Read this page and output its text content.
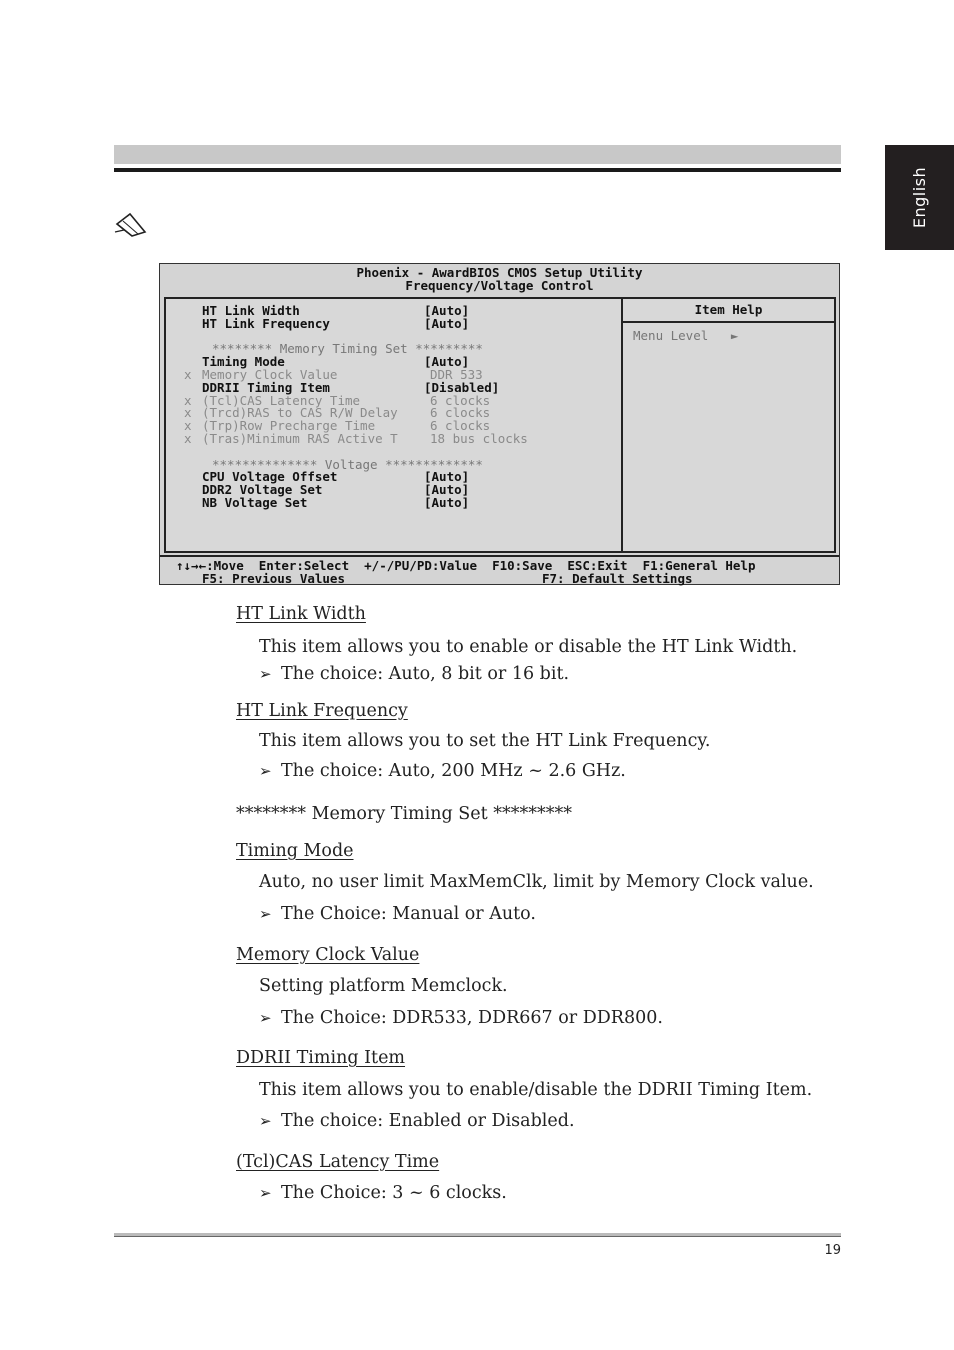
English
Phoenix - AwardBIOS CMOS Setup Utility
Frequency/Voltage Control
HT Link Width	[Auto]
HT Link Frequency	[Auto]
******** Memory Timing Set *********
Timing Mode	[Auto]
x Memory Clock Value	DDR 533
DDRII Timing Item	[Disabled]
x (Tcl)CAS Latency Time	6 clocks
x (Trcd)RAS to CAS R/W Delay	6 clocks
x (Trp)Row Precharge Time	6 clocks
x (Tras)Minimum RAS Active T	18 bus clocks
************** Voltage *************
CPU Voltage Offset	[Auto]
DDR2 Voltage Set	[Auto]
NB Voltage Set	[Auto]
Item Help
Menu Level   ►
↑↓→←:Move  Enter:Select  +/-/PU/PD:Value  F10:Save  ESC:Exit  F1:General Help
F5: Previous Values	F7: Default Settings
HT Link Width
This item allows you to enable or disable the HT Link Width.
➢ The choice: Auto, 8 bit or 16 bit.
HT Link Frequency
This item allows you to set the HT Link Frequency.
➢ The choice: Auto, 200 MHz ~ 2.6 GHz.
******** Memory Timing Set *********
Timing Mode
Auto, no user limit MaxMemClk, limit by Memory Clock value.
➢ The Choice: Manual or Auto.
Memory Clock Value
Setting platform Memclock.
➢ The Choice: DDR533, DDR667 or DDR800.
DDRII Timing Item
This item allows you to enable/disable the DDRII Timing Item.
➢ The choice: Enabled or Disabled.
(Tcl)CAS Latency Time
➢ The Choice: 3 ~ 6 clocks.
19
